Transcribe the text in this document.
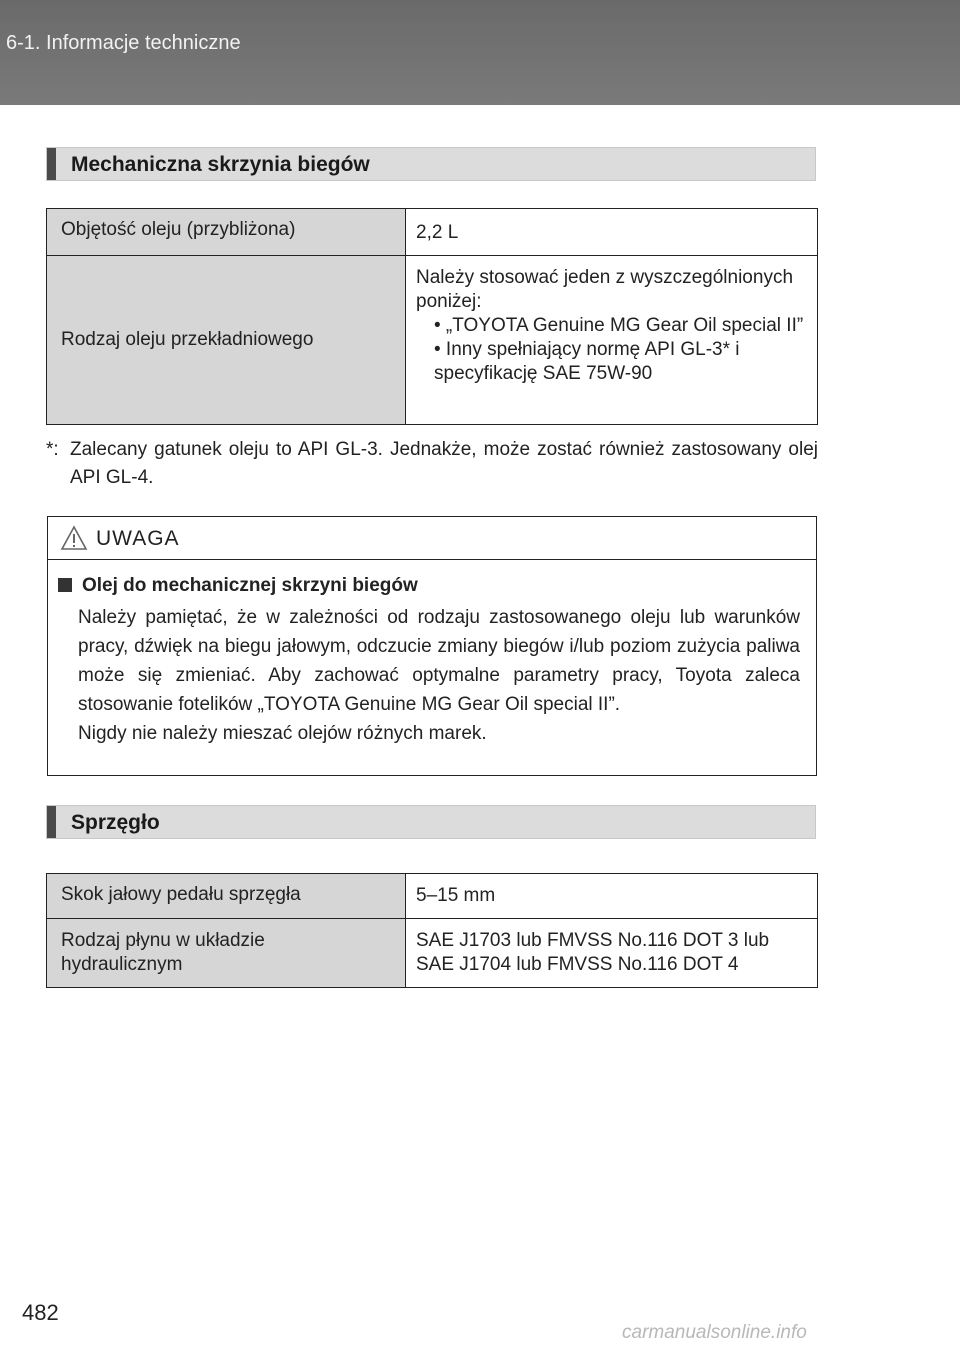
6-1. Informacje techniczne
Mechaniczna skrzynia biegów
Objętość oleju (przybliżona)	2,2 L
Rodzaj oleju przekładniowego	Należy stosować jeden z wyszczególnionych poniżej:
• „TOYOTA Genuine MG Gear Oil special II”
• Inny spełniający normę API GL-3* i specyfikację SAE 75W-90
*: Zalecany gatunek oleju to API GL-3. Jednakże, może zostać również zastosowany olej API GL-4.
UWAGA
Olej do mechanicznej skrzyni biegów

Należy pamiętać, że w zależności od rodzaju zastosowanego oleju lub warunków pracy, dźwięk na biegu jałowym, odczucie zmiany biegów i/lub poziom zużycia paliwa może się zmieniać. Aby zachować optymalne parametry pracy, Toyota zaleca stosowanie fotelików „TOYOTA Genuine MG Gear Oil special II”.

Nigdy nie należy mieszać olejów różnych marek.

Sprzęgło
Skok jałowy pedału sprzęgła	5–15 mm
Rodzaj płynu w układzie hydraulicznym	SAE J1703 lub FMVSS No.116 DOT 3 lub SAE J1704 lub FMVSS No.116 DOT 4
482
carmanualsonline.info
